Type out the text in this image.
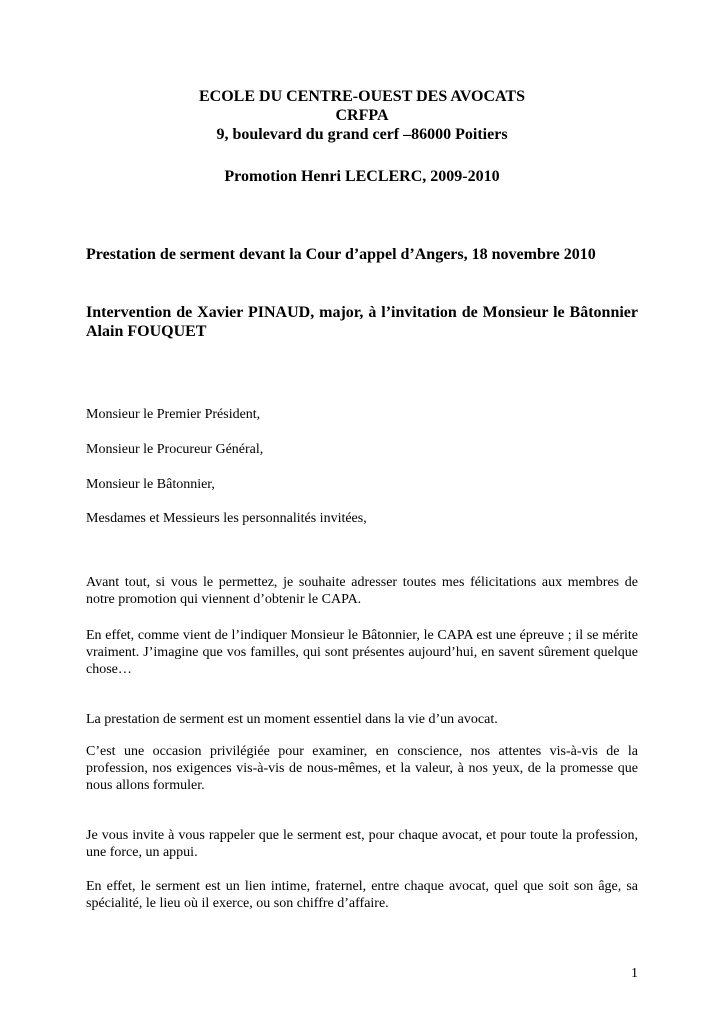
ECOLE DU CENTRE-OUEST DES AVOCATS
CRFPA
9, boulevard du grand cerf –86000 Poitiers
Promotion Henri LECLERC, 2009-2010
Prestation de serment devant la Cour d’appel d’Angers, 18 novembre 2010
Intervention de Xavier PINAUD, major, à l’invitation de Monsieur le Bâtonnier Alain FOUQUET
Monsieur le Premier Président,
Monsieur le Procureur Général,
Monsieur le Bâtonnier,
Mesdames et Messieurs les personnalités invitées,

Avant tout, si vous le permettez, je souhaite adresser toutes mes félicitations aux membres de notre promotion qui viennent d’obtenir le CAPA.

En effet, comme vient de l’indiquer Monsieur le Bâtonnier, le CAPA est une épreuve ; il se mérite vraiment. J’imagine que vos familles, qui sont présentes aujourd’hui, en savent sûrement quelque chose…

La prestation de serment est un moment essentiel dans la vie d’un avocat.

C’est une occasion privilégiée pour examiner, en conscience, nos attentes vis-à-vis de la profession, nos exigences vis-à-vis de nous-mêmes, et la valeur, à nos yeux, de la promesse que nous allons formuler.

Je vous invite à vous rappeler que le serment est, pour chaque avocat, et pour toute la profession, une force, un appui.

En effet, le serment est un lien intime, fraternel, entre chaque avocat, quel que soit son âge, sa spécialité, le lieu où il exerce, ou son chiffre d’affaire.

1
